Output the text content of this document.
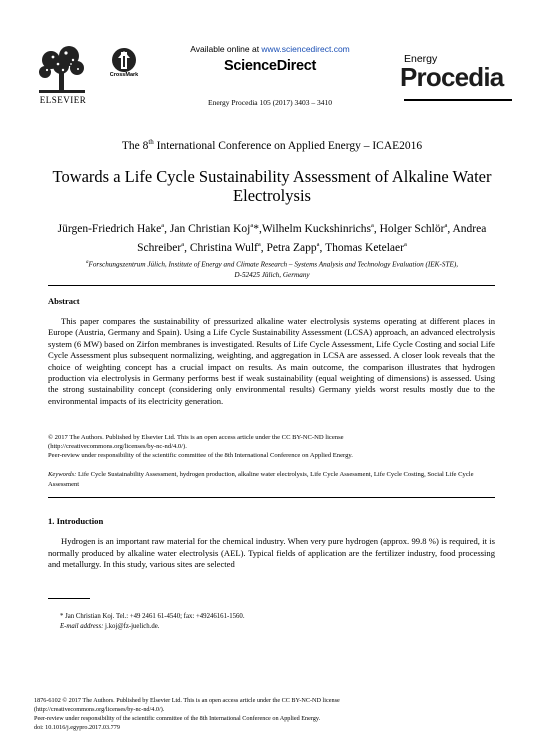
ELSEVIER
CrossMark
Available online at www.sciencedirect.com
ScienceDirect
Energy Procedia 105 (2017) 3403 – 3410
Energy
Procedia
The 8th International Conference on Applied Energy – ICAE2016
Towards a Life Cycle Sustainability Assessment of Alkaline Water Electrolysis
Jürgen-Friedrich Hake$^a$, Jan Christian Koj$^a$*,Wilhelm Kuckshinrichs$^a$, Holger Schlör$^a$, Andrea Schreiber$^a$, Christina Wulf$^a$, Petra Zapp$^a$, Thomas Ketelaer$^a$
$^a$Forschungszentrum Jülich, Institute of Energy and Climate Research – Systems Analysis and Technology Evaluation (IEK-STE),
D-52425 Jülich, Germany
Abstract
This paper compares the sustainability of pressurized alkaline water electrolysis systems operating at different places in Europe (Austria, Germany and Spain). Using a Life Cycle Sustainability Assessment (LCSA) approach, an advanced electrolysis system (6 MW) based on Zirfon membranes is investigated. Results of Life Cycle Assessment, Life Cycle Costing and social Life Cycle Assessment plus subsequent normalizing, weighting, and aggregation in LCSA are assessed. A closer look reveals that the choice of weighting concept has a crucial impact on results. As main outcome, the comparison illustrates that hydrogen production via electrolysis in Germany performs best if weak sustainability (equal weighting of dimensions) is assessed. Using the strong sustainability concept (considering only environmental results) Germany yields worst results mostly due to the environmental impacts of its electricity generation.
© 2017 The Authors. Published by Elsevier Ltd. This is an open access article under the CC BY-NC-ND license
(http://creativecommons.org/licenses/by-nc-nd/4.0/).
Peer-review under responsibility of the scientific committee of the 8th International Conference on Applied Energy.
Keywords: Life Cycle Sustainability Assessment, hydrogen production, alkaline water electrolysis, Life Cycle Assessment, Life Cycle Costing, Social Life Cycle Assessment
1. Introduction
Hydrogen is an important raw material for the chemical industry. When very pure hydrogen (approx. 99.8 %) is required, it is normally produced by alkaline water electrolysis (AEL). Typical fields of application are the fertilizer industry, food processing and metallurgy. In this study, various sites are selected
* Jan Christian Koj. Tel.: +49 2461 61-4540; fax: +49246161-1560.
E-mail address: j.koj@fz-juelich.de.
1876-6102 © 2017 The Authors. Published by Elsevier Ltd. This is an open access article under the CC BY-NC-ND license
(http://creativecommons.org/licenses/by-nc-nd/4.0/).
Peer-review under responsibility of the scientific committee of the 8th International Conference on Applied Energy.
doi: 10.1016/j.egypro.2017.03.779
